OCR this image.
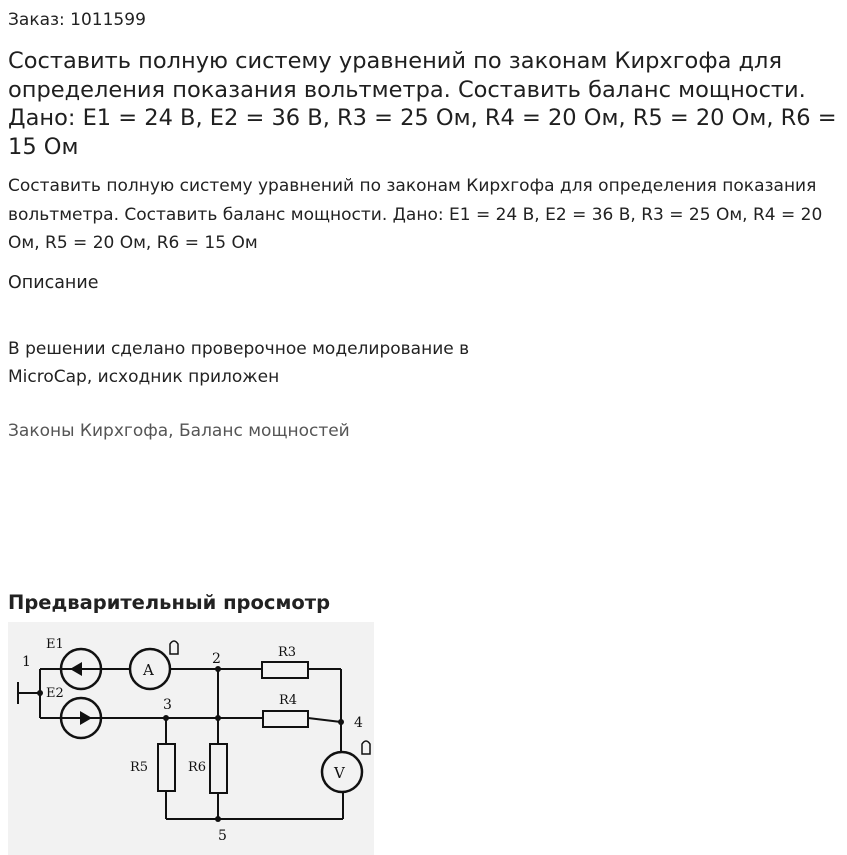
Заказ: 1011599
Составить полную систему уравнений по законам Кирхгофа для определения показания вольтметра. Составить баланс мощности. Дано: E1 = 24 В, E2 = 36 В, R3 = 25 Ом, R4 = 20 Ом, R5 = 20 Ом, R6 = 15 Ом
Составить полную систему уравнений по законам Кирхгофа для определения показания вольтметра. Составить баланс мощности. Дано: E1 = 24 В, E2 = 36 В, R3 = 25 Ом, R4 = 20 Ом, R5 = 20 Ом, R6 = 15 Ом
Описание
В решении сделано проверочное моделирование в MicroCap, исходник приложен
Законы Кирхгофа, Баланс мощностей
Предварительный просмотр
1	2
3
4
5
E1
E2
R3
R4
R5	R6
A
V
